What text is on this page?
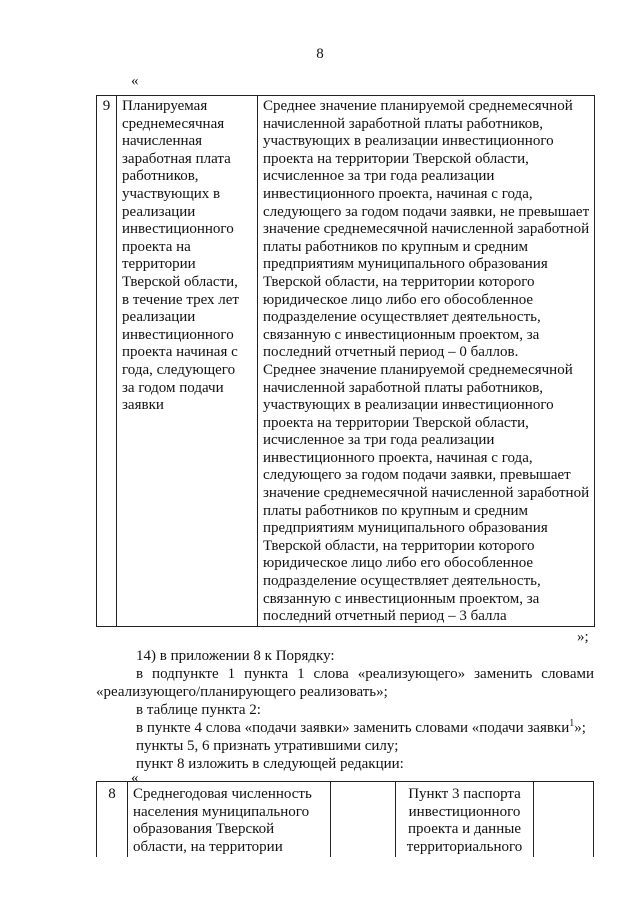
8
«
9	Планируемая
среднемесячная
начисленная
заработная плата
работников,
участвующих в
реализации
инвестиционного
проекта на
территории
Тверской области,
в течение трех лет
реализации
инвестиционного
проекта начиная с
года, следующего
за годом подачи
заявки	Среднее значение планируемой среднемесячной
начисленной заработной платы работников,
участвующих в реализации инвестиционного
проекта на территории Тверской области,
исчисленное за три года реализации
инвестиционного проекта, начиная с года,
следующего за годом подачи заявки, не превышает
значение среднемесячной начисленной заработной
платы работников по крупным и средним
предприятиям муниципального образования
Тверской области, на территории которого
юридическое лицо либо его обособленное
подразделение осуществляет деятельность,
связанную с инвестиционным проектом, за
последний отчетный период – 0 баллов.
Среднее значение планируемой среднемесячной
начисленной заработной платы работников,
участвующих в реализации инвестиционного
проекта на территории Тверской области,
исчисленное за три года реализации
инвестиционного проекта, начиная с года,
следующего за годом подачи заявки, превышает
значение среднемесячной начисленной заработной
платы работников по крупным и средним
предприятиям муниципального образования
Тверской области, на территории которого
юридическое лицо либо его обособленное
подразделение осуществляет деятельность,
связанную с инвестиционным проектом, за
последний отчетный период – 3 балла
»;
14) в приложении 8 к Порядку:
в подпункте 1 пункта 1 слова «реализующего» заменить словами
«реализующего/планирующего реализовать»;
в таблице пункта 2:
в пункте 4 слова «подачи заявки» заменить словами «подачи заявки$^1$»;
пункты 5, 6 признать утратившими силу;
пункт 8 изложить в следующей редакции:
«
8	Среднегодовая численность
населения муниципального
образования Тверской
области, на территории		Пункт 3 паспорта
инвестиционного
проекта и данные
территориального	
